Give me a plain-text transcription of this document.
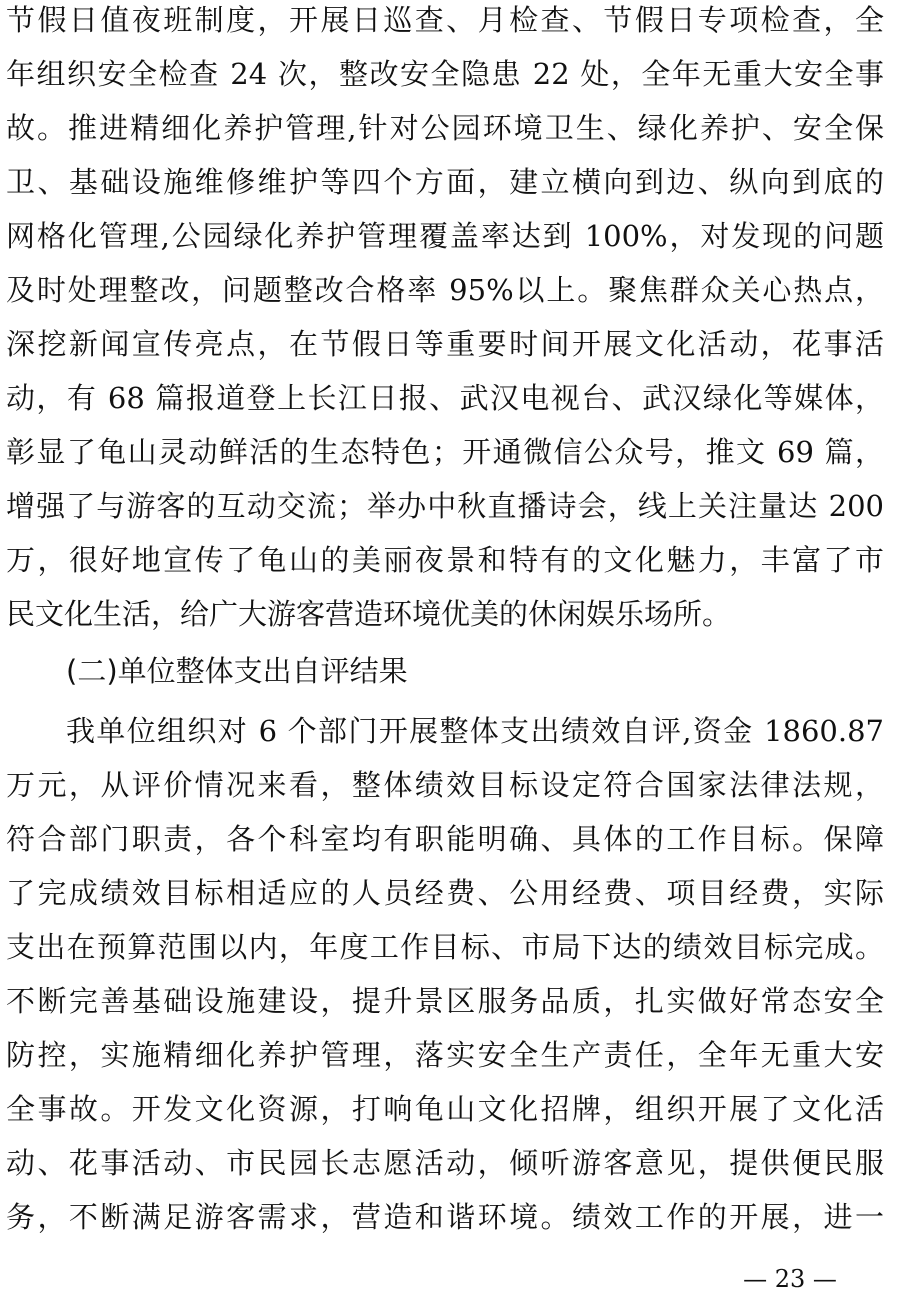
节假日值夜班制度，开展日巡查、月检查、节假日专项检查，全
年组织安全检查 24 次，整改安全隐患 22 处，全年无重大安全事
故。推进精细化养护管理,针对公园环境卫生、绿化养护、安全保
卫、基础设施维修维护等四个方面，建立横向到边、纵向到底的
网格化管理,公园绿化养护管理覆盖率达到 100%，对发现的问题
及时处理整改，问题整改合格率 95%以上。聚焦群众关心热点，
深挖新闻宣传亮点，在节假日等重要时间开展文化活动，花事活
动，有 68 篇报道登上长江日报、武汉电视台、武汉绿化等媒体，
彰显了龟山灵动鲜活的生态特色；开通微信公众号，推文 69 篇，
增强了与游客的互动交流；举办中秋直播诗会，线上关注量达 200
万，很好地宣传了龟山的美丽夜景和特有的文化魅力，丰富了市
民文化生活，给广大游客营造环境优美的休闲娱乐场所。
(二)单位整体支出自评结果
我单位组织对 6 个部门开展整体支出绩效自评,资金 1860.87
万元，从评价情况来看，整体绩效目标设定符合国家法律法规，
符合部门职责，各个科室均有职能明确、具体的工作目标。保障
了完成绩效目标相适应的人员经费、公用经费、项目经费，实际
支出在预算范围以内，年度工作目标、市局下达的绩效目标完成。
不断完善基础设施建设，提升景区服务品质，扎实做好常态安全
防控，实施精细化养护管理，落实安全生产责任，全年无重大安
全事故。开发文化资源，打响龟山文化招牌，组织开展了文化活
动、花事活动、市民园长志愿活动，倾听游客意见，提供便民服
务，不断满足游客需求，营造和谐环境。绩效工作的开展，进一
— 23 —
